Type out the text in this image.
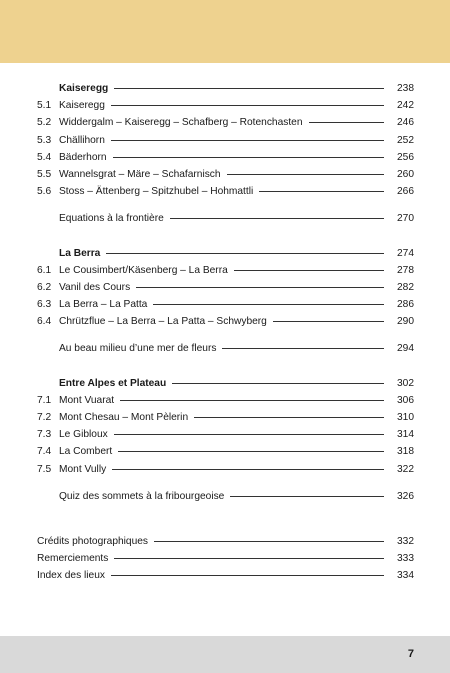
Kaiseregg	238
5.1 Kaiseregg	242
5.2 Widdergalm – Kaiseregg – Schafberg – Rotenchasten	246
5.3 Chällihorn	252
5.4 Bäderhorn	256
5.5 Wannelsgrat – Märe – Schafarnisch	260
5.6 Stoss – Ättenberg – Spitzhubel – Hohmattli	266
Equations à la frontière	270
La Berra	274
6.1 Le Cousimbert/Käsenberg – La Berra	278
6.2 Vanil des Cours	282
6.3 La Berra – La Patta	286
6.4 Chrützflue – La Berra – La Patta – Schwyberg	290
Au beau milieu d’une mer de fleurs	294
Entre Alpes et Plateau	302
7.1 Mont Vuarat	306
7.2 Mont Chesau – Mont Pèlerin	310
7.3 Le Gibloux	314
7.4 La Combert	318
7.5 Mont Vully	322
Quiz des sommets à la fribourgeoise	326
Crédits photographiques	332
Remerciements	333
Index des lieux	334
7
